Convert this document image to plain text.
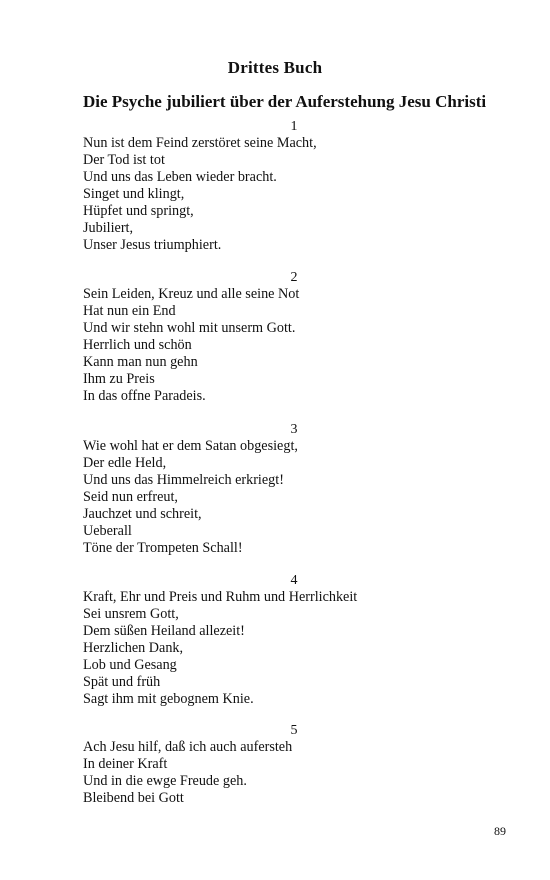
Drittes Buch
Die Psyche jubiliert über der Auferstehung Jesu Christi
1
Nun ist dem Feind zerstöret seine Macht,
Der Tod ist tot
Und uns das Leben wieder bracht.
Singet und klingt,
Hüpfet und springt,
Jubiliert,
Unser Jesus triumphiert.
2
Sein Leiden, Kreuz und alle seine Not
Hat nun ein End
Und wir stehn wohl mit unserm Gott.
Herrlich und schön
Kann man nun gehn
Ihm zu Preis
In das offne Paradeis.
3
Wie wohl hat er dem Satan obgesiegt,
Der edle Held,
Und uns das Himmelreich erkriegt!
Seid nun erfreut,
Jauchzet und schreit,
Ueberall
Töne der Trompeten Schall!
4
Kraft, Ehr und Preis und Ruhm und Herrlichkeit
Sei unsrem Gott,
Dem süßen Heiland allezeit!
Herzlichen Dank,
Lob und Gesang
Spät und früh
Sagt ihm mit gebognem Knie.
5
Ach Jesu hilf, daß ich auch aufersteh
In deiner Kraft
Und in die ewge Freude geh.
Bleibend bei Gott
89
